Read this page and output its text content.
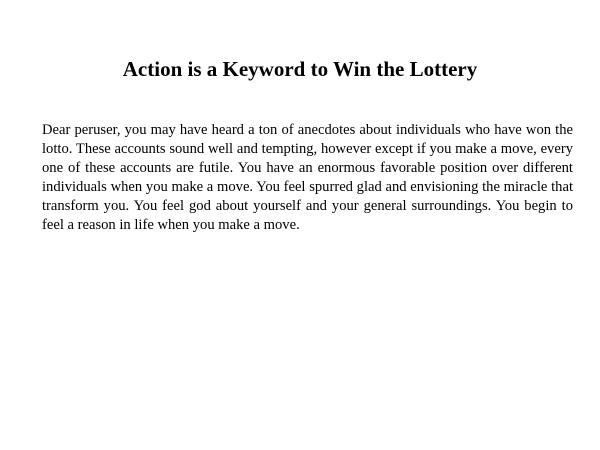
Action is a Keyword to Win the Lottery

Dear peruser, you may have heard a ton of anecdotes about individuals who have won the lotto. These accounts sound well and tempting, however except if you make a move, every one of these accounts are futile. You have an enormous favorable position over different individuals when you make a move. You feel spurred glad and envisioning the miracle that transform you. You feel god about yourself and your general surroundings. You begin to feel a reason in life when you make a move.
